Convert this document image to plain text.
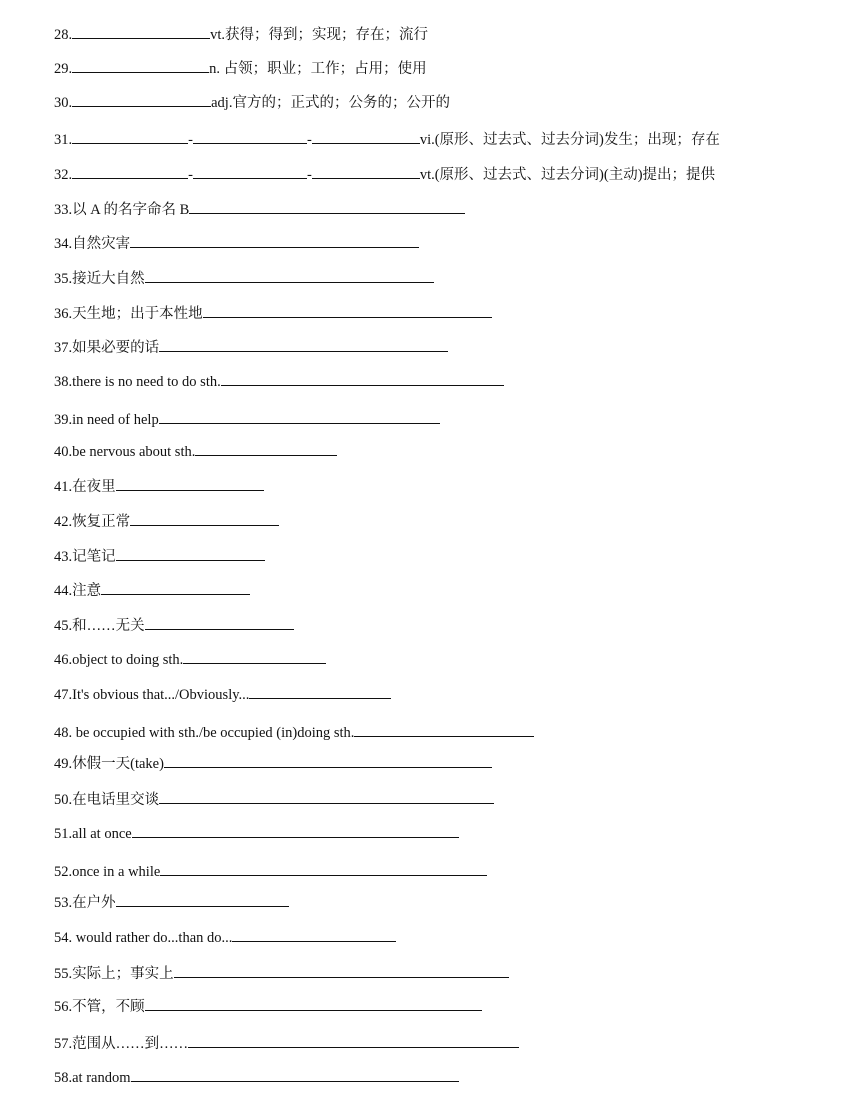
28.	vt.获得；得到；实现；存在；流行
29.	n. 占领；职业；工作；占用；使用
30.	adj.官方的；正式的；公务的；公开的
31.	-	-	vi.(原形、过去式、过去分词)发生；出现；存在
32.	-	-	vt.(原形、过去式、过去分词)(主动)提出；提供
33.以 A 的名字命名 B
34.自然灾害
35.接近大自然
36.天生地；出于本性地
37.如果必要的话
38.there is no need to do sth.
39.in need of help
40.be nervous about sth.
41.在夜里
42.恢复正常
43.记笔记
44.注意
45.和……无关
46.object to doing sth.
47.It's obvious that.../Obviously...
48. be occupied with sth./be occupied (in)doing sth.
49.休假一天(take)
50.在电话里交谈
51.all at once
52.once in a while
53.在户外
54. would rather do...than do...
55.实际上；事实上
56.不管，不顾
57.范围从……到……
58.at random
